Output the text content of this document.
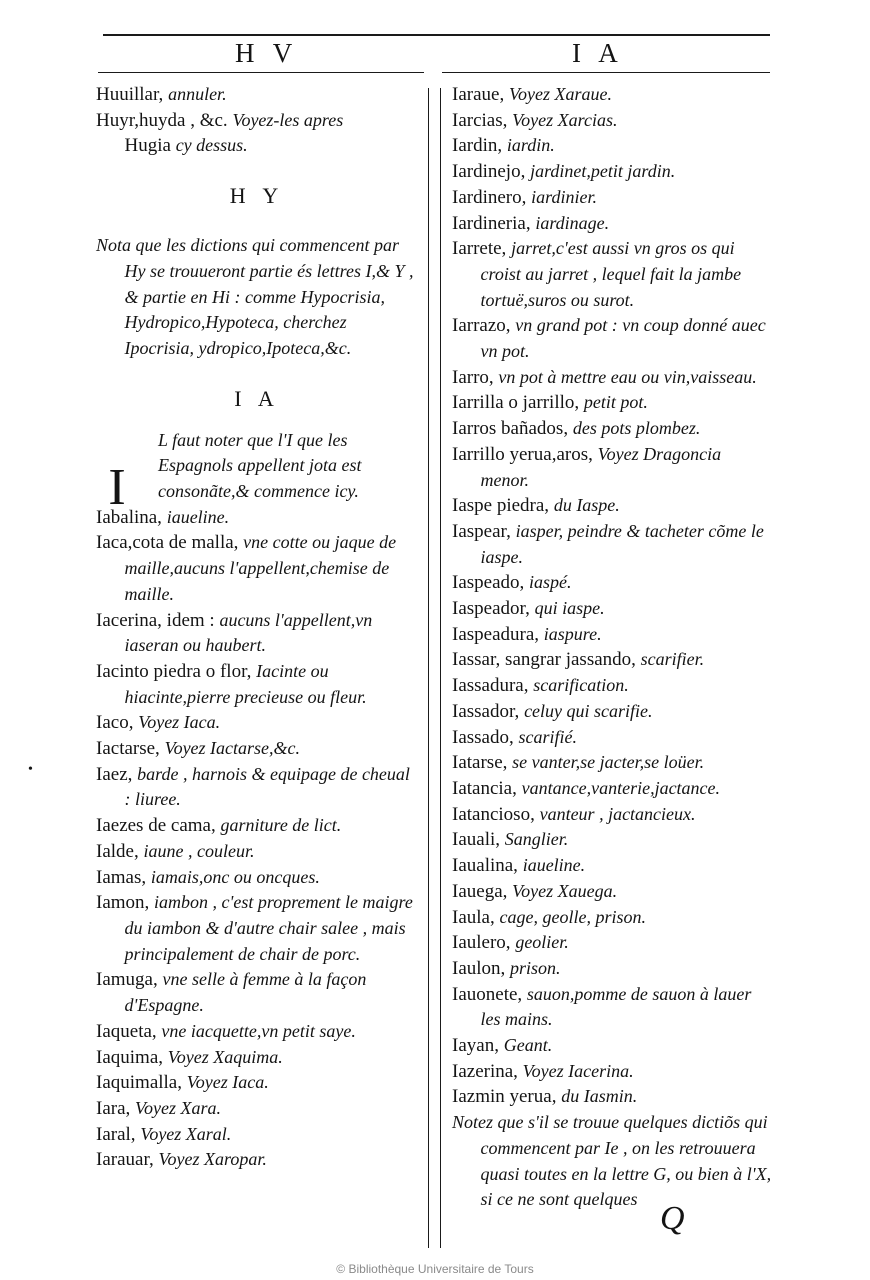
H V	I A
•

Huuillar, annuler.

Huyr,huyda , &c. Voyez-les apres
Hugia cy dessus.

H Y

Nota que les dictions qui commencent par Hy se trouueront partie és lettres I,& Y , & partie en Hi : comme Hypocrisia, Hydropico,Hypoteca, cherchez Ipocrisia, ydropico,Ipoteca,&c.

I A

L faut noter que l'I que les Espagnols appellent jota est consonãte,& commence icy.

Iabalina, iaueline.

Iaca,cota de malla, vne cotte ou jaque de maille,aucuns l'appellent,chemise de maille.

Iacerina, idem : aucuns l'appellent,vn iaseran ou haubert.

Iacinto piedra o flor, Iacinte ou hiacinte,pierre precieuse ou fleur.

Iaco, Voyez Iaca.

Iactarse, Voyez Iactarse,&c.

Iaez, barde , harnois & equipage de cheual : liuree.

Iaezes de cama, garniture de lict.

Ialde, iaune , couleur.

Iamas, iamais,onc ou oncques.

Iamon, iambon , c'est proprement le maigre du iambon & d'autre chair salee , mais principalement de chair de porc.

Iamuga, vne selle à femme à la façon d'Espagne.

Iaqueta, vne iacquette,vn petit saye.

Iaquima, Voyez Xaquima.

Iaquimalla, Voyez Iaca.

Iara, Voyez Xara.

Iaral, Voyez Xaral.

Iarauar, Voyez Xaropar.

I

Iaraue, Voyez Xaraue.

Iarcias, Voyez Xarcias.

Iardin, iardin.

Iardinejo, jardinet,petit jardin.

Iardinero, iardinier.

Iardineria, iardinage.

Iarrete, jarret,c'est aussi vn gros os qui croist au jarret , lequel fait la jambe tortuë,suros ou surot.

Iarrazo, vn grand pot : vn coup donné auec vn pot.

Iarro, vn pot à mettre eau ou vin,vaisseau.

Iarrilla o jarrillo, petit pot.

Iarros bañados, des pots plombez.

Iarrillo yerua,aros, Voyez Dragoncia menor.

Iaspe piedra, du Iaspe.

Iaspear, iasper, peindre & tacheter cõme le iaspe.

Iaspeado, iaspé.

Iaspeador, qui iaspe.

Iaspeadura, iaspure.

Iassar, sangrar jassando, scarifier.

Iassadura, scarification.

Iassador, celuy qui scarifie.

Iassado, scarifié.

Iatarse, se vanter,se jacter,se loüer.

Iatancia, vantance,vanterie,jactance.

Iatancioso, vanteur , jactancieux.

Iauali, Sanglier.

Iaualina, iaueline.

Iauega, Voyez Xauega.

Iaula, cage, geolle, prison.

Iaulero, geolier.

Iaulon, prison.

Iauonete, sauon,pomme de sauon à lauer les mains.

Iayan, Geant.

Iazerina, Voyez Iacerina.

Iazmin yerua, du Iasmin.

Notez que s'il se trouue quelques dictiõs qui commencent par Ie , on les retrouuera quasi toutes en la lettre G, ou bien à l'X, si ce ne sont quelques

Q
© Bibliothèque Universitaire de Tours
